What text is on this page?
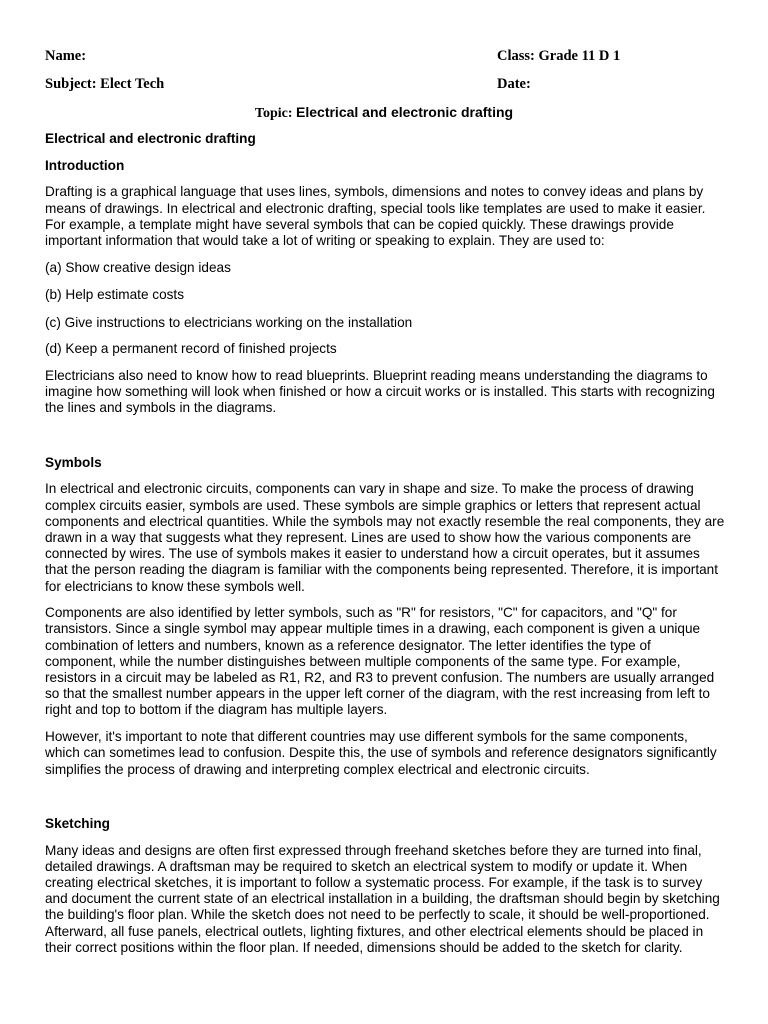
Name:	Class: Grade 11 D 1
Subject: Elect Tech	Date:
Topic: Electrical and electronic drafting
Electrical and electronic drafting
Introduction

Drafting is a graphical language that uses lines, symbols, dimensions and notes to convey ideas and plans by means of drawings. In electrical and electronic drafting, special tools like templates are used to make it easier. For example, a template might have several symbols that can be copied quickly. These drawings provide important information that would take a lot of writing or speaking to explain. They are used to:

(a) Show creative design ideas

(b) Help estimate costs

(c) Give instructions to electricians working on the installation

(d) Keep a permanent record of finished projects

Electricians also need to know how to read blueprints. Blueprint reading means understanding the diagrams to imagine how something will look when finished or how a circuit works or is installed. This starts with recognizing the lines and symbols in the diagrams.

Symbols

In electrical and electronic circuits, components can vary in shape and size. To make the process of drawing complex circuits easier, symbols are used. These symbols are simple graphics or letters that represent actual components and electrical quantities. While the symbols may not exactly resemble the real components, they are drawn in a way that suggests what they represent. Lines are used to show how the various components are connected by wires. The use of symbols makes it easier to understand how a circuit operates, but it assumes that the person reading the diagram is familiar with the components being represented. Therefore, it is important for electricians to know these symbols well.

Components are also identified by letter symbols, such as "R" for resistors, "C" for capacitors, and "Q" for transistors. Since a single symbol may appear multiple times in a drawing, each component is given a unique combination of letters and numbers, known as a reference designator. The letter identifies the type of component, while the number distinguishes between multiple components of the same type. For example, resistors in a circuit may be labeled as R1, R2, and R3 to prevent confusion. The numbers are usually arranged so that the smallest number appears in the upper left corner of the diagram, with the rest increasing from left to right and top to bottom if the diagram has multiple layers.

However, it's important to note that different countries may use different symbols for the same components, which can sometimes lead to confusion. Despite this, the use of symbols and reference designators significantly simplifies the process of drawing and interpreting complex electrical and electronic circuits.

Sketching

Many ideas and designs are often first expressed through freehand sketches before they are turned into final, detailed drawings. A draftsman may be required to sketch an electrical system to modify or update it. When creating electrical sketches, it is important to follow a systematic process. For example, if the task is to survey and document the current state of an electrical installation in a building, the draftsman should begin by sketching the building's floor plan. While the sketch does not need to be perfectly to scale, it should be well-proportioned. Afterward, all fuse panels, electrical outlets, lighting fixtures, and other electrical elements should be placed in their correct positions within the floor plan. If needed, dimensions should be added to the sketch for clarity.
